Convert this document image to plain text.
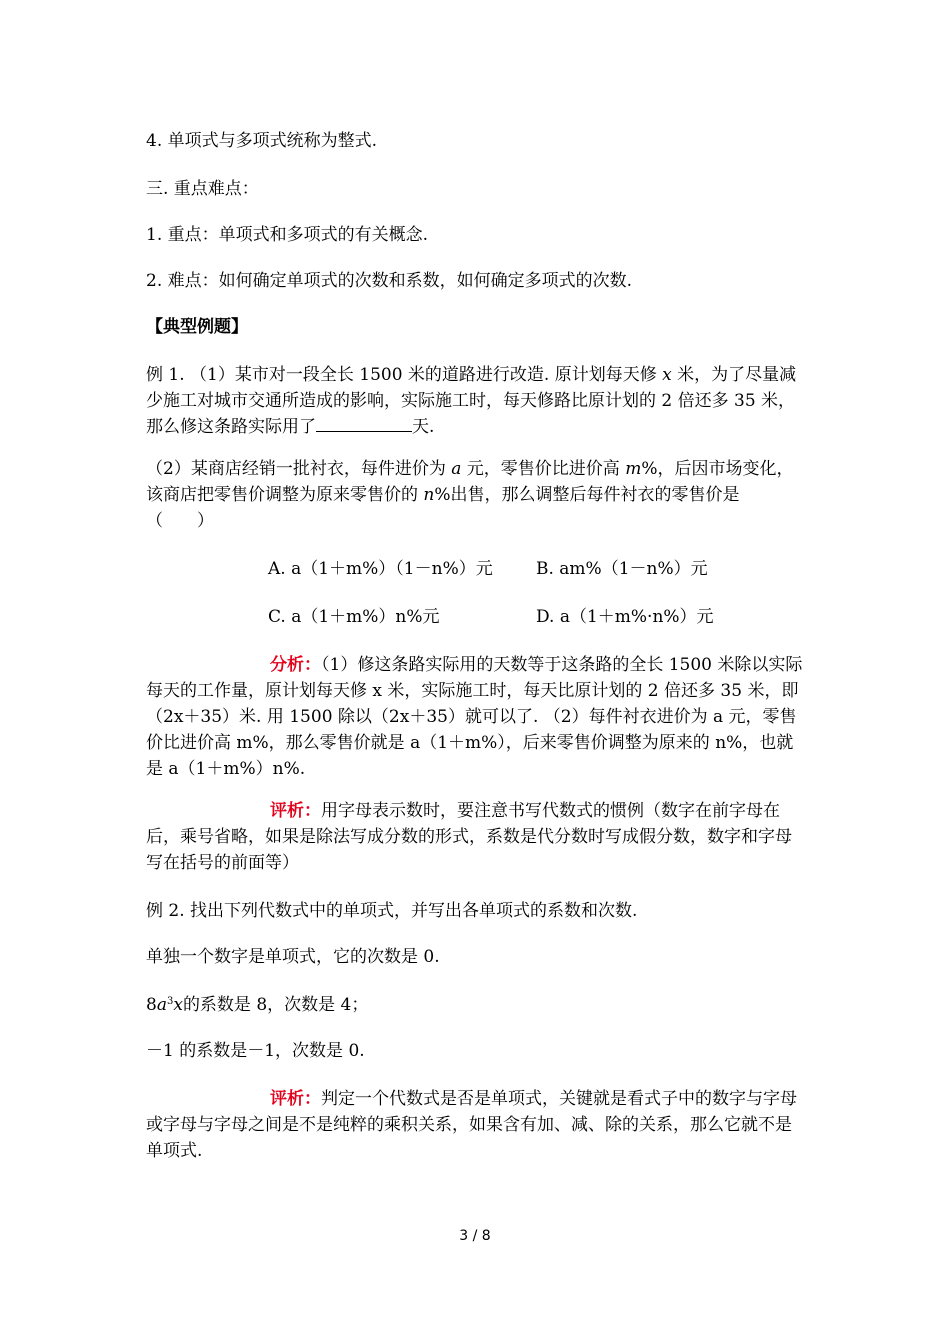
4. 单项式与多项式统称为整式.
三. 重点难点：
1. 重点：单项式和多项式的有关概念.
2. 难点：如何确定单项式的次数和系数，如何确定多项式的次数.
【典型例题】
例 1. （1）某市对一段全长 1500 米的道路进行改造. 原计划每天修 x 米，为了尽量减少施工对城市交通所造成的影响，实际施工时，每天修路比原计划的 2 倍还多 35 米，那么修这条路实际用了	天.
（2）某商店经销一批衬衣，每件进价为 a 元，零售价比进价高 m%，后因市场变化，该商店把零售价调整为原来零售价的 n%出售，那么调整后每件衬衣的零售价是　　　　（　　）
A. a（1＋m%）（1－n%）元	B. am%（1－n%）元
C. a（1＋m%）n%元	D. a（1＋m%·n%）元
分析：（1）修这条路实际用的天数等于这条路的全长 1500 米除以实际每天的工作量，原计划每天修 x 米，实际施工时，每天比原计划的 2 倍还多 35 米，即（2x＋35）米. 用 1500 除以（2x＋35）就可以了. （2）每件衬衣进价为 a 元，零售价比进价高 m%，那么零售价就是 a（1＋m%），后来零售价调整为原来的 n%，也就是 a（1＋m%）n%.
评析：用字母表示数时，要注意书写代数式的惯例（数字在前字母在后，乘号省略，如果是除法写成分数的形式，系数是代分数时写成假分数，数字和字母写在括号的前面等）
例 2. 找出下列代数式中的单项式，并写出各单项式的系数和次数.
单独一个数字是单项式，它的次数是 0.
$8a^3x$的系数是 8，次数是 4；
－1 的系数是－1，次数是 0.
评析：判定一个代数式是否是单项式，关键就是看式子中的数字与字母或字母与字母之间是不是纯粹的乘积关系，如果含有加、减、除的关系，那么它就不是单项式.
3 / 8
